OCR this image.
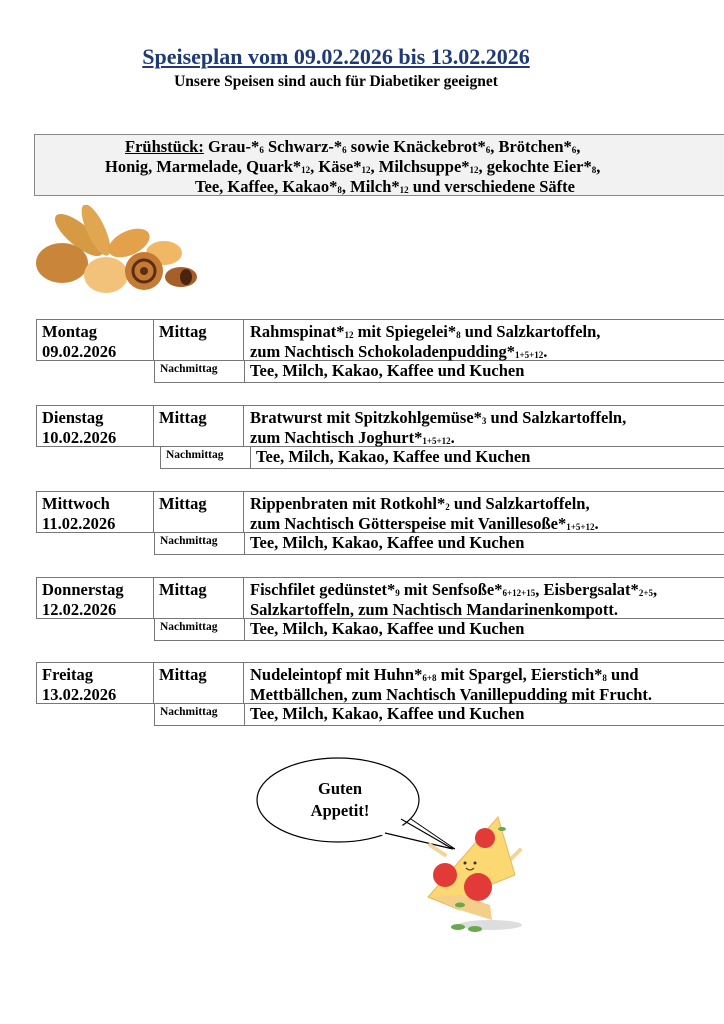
Speiseplan vom 09.02.2026 bis 13.02.2026
Unsere Speisen sind auch für Diabetiker geeignet
Frühstück: Grau-*6 Schwarz-*6 sowie Knäckebrot*6, Brötchen*6,
Honig, Marmelade, Quark*12, Käse*12, Milchsuppe*12, gekochte Eier*8,
Tee, Kaffee, Kakao*8, Milch*12 und verschiedene Säfte
Montag
09.02.2026
Mittag	Rahmspinat*12 mit Spiegelei*8 und Salzkartoffeln,
zum Nachtisch Schokoladenpudding*1+5+12.
Nachmittag	Tee, Milch, Kakao, Kaffee und Kuchen
Dienstag
10.02.2026
Mittag	Bratwurst mit Spitzkohlgemüse*3 und Salzkartoffeln,
zum Nachtisch Joghurt*1+5+12.
Nachmittag	Tee, Milch, Kakao, Kaffee und Kuchen
Mittwoch
11.02.2026
Mittag	Rippenbraten mit Rotkohl*2 und Salzkartoffeln,
zum Nachtisch Götterspeise mit Vanillesoße*1+5+12.
Nachmittag	Tee, Milch, Kakao, Kaffee und Kuchen
Donnerstag
12.02.2026
Mittag	Fischfilet gedünstet*9 mit Senfsoße*6+12+15, Eisbergsalat*2+5,
Salzkartoffeln, zum Nachtisch Mandarinenkompott.
Nachmittag	Tee, Milch, Kakao, Kaffee und Kuchen
Freitag
13.02.2026
Mittag	Nudeleintopf mit Huhn*6+8 mit Spargel, Eierstich*8 und
Mettbällchen, zum Nachtisch Vanillepudding mit Frucht.
Nachmittag	Tee, Milch, Kakao, Kaffee und Kuchen
Guten
Appetit!
